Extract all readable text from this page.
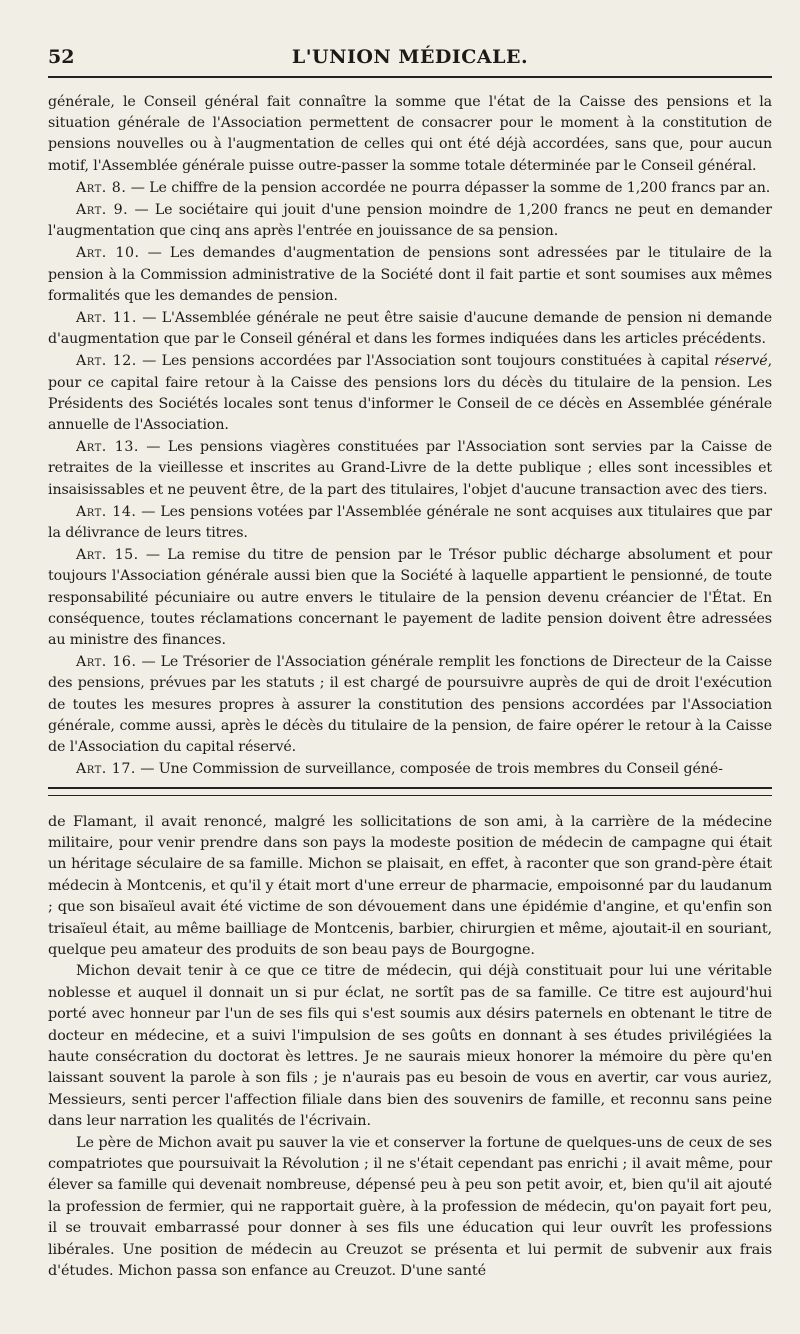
52	L'UNION MÉDICALE.

générale, le Conseil général fait connaître la somme que l'état de la Caisse des pensions et la situation générale de l'Association permettent de consacrer pour le moment à la constitution de pensions nouvelles ou à l'augmentation de celles qui ont été déjà accordées, sans que, pour aucun motif, l'Assemblée générale puisse outre-passer la somme totale déterminée par le Conseil général.

Art. 8. — Le chiffre de la pension accordée ne pourra dépasser la somme de 1,200 francs par an.

Art. 9. — Le sociétaire qui jouit d'une pension moindre de 1,200 francs ne peut en demander l'augmentation que cinq ans après l'entrée en jouissance de sa pension.

Art. 10. — Les demandes d'augmentation de pensions sont adressées par le titulaire de la pension à la Commission administrative de la Société dont il fait partie et sont soumises aux mêmes formalités que les demandes de pension.

Art. 11. — L'Assemblée générale ne peut être saisie d'aucune demande de pension ni demande d'augmentation que par le Conseil général et dans les formes indiquées dans les articles précédents.

Art. 12. — Les pensions accordées par l'Association sont toujours constituées à capital réservé, pour ce capital faire retour à la Caisse des pensions lors du décès du titulaire de la pension. Les Présidents des Sociétés locales sont tenus d'informer le Conseil de ce décès en Assemblée générale annuelle de l'Association.

Art. 13. — Les pensions viagères constituées par l'Association sont servies par la Caisse de retraites de la vieillesse et inscrites au Grand-Livre de la dette publique ; elles sont incessibles et insaisissables et ne peuvent être, de la part des titulaires, l'objet d'aucune transaction avec des tiers.

Art. 14. — Les pensions votées par l'Assemblée générale ne sont acquises aux titulaires que par la délivrance de leurs titres.

Art. 15. — La remise du titre de pension par le Trésor public décharge absolument et pour toujours l'Association générale aussi bien que la Société à laquelle appartient le pensionné, de toute responsabilité pécuniaire ou autre envers le titulaire de la pension devenu créancier de l'État. En conséquence, toutes réclamations concernant le payement de ladite pension doivent être adressées au ministre des finances.

Art. 16. — Le Trésorier de l'Association générale remplit les fonctions de Directeur de la Caisse des pensions, prévues par les statuts ; il est chargé de poursuivre auprès de qui de droit l'exécution de toutes les mesures propres à assurer la constitution des pensions accordées par l'Association générale, comme aussi, après le décès du titulaire de la pension, de faire opérer le retour à la Caisse de l'Association du capital réservé.

Art. 17. — Une Commission de surveillance, composée de trois membres du Conseil géné-

de Flamant, il avait renoncé, malgré les sollicitations de son ami, à la carrière de la médecine militaire, pour venir prendre dans son pays la modeste position de médecin de campagne qui était un héritage séculaire de sa famille. Michon se plaisait, en effet, à raconter que son grand-père était médecin à Montcenis, et qu'il y était mort d'une erreur de pharmacie, empoisonné par du laudanum ; que son bisaïeul avait été victime de son dévouement dans une épidémie d'angine, et qu'enfin son trisaïeul était, au même bailliage de Montcenis, barbier, chirurgien et même, ajoutait-il en souriant, quelque peu amateur des produits de son beau pays de Bourgogne.

Michon devait tenir à ce que ce titre de médecin, qui déjà constituait pour lui une véritable noblesse et auquel il donnait un si pur éclat, ne sortît pas de sa famille. Ce titre est aujourd'hui porté avec honneur par l'un de ses fils qui s'est soumis aux désirs paternels en obtenant le titre de docteur en médecine, et a suivi l'impulsion de ses goûts en donnant à ses études privilégiées la haute consécration du doctorat ès lettres. Je ne saurais mieux honorer la mémoire du père qu'en laissant souvent la parole à son fils ; je n'aurais pas eu besoin de vous en avertir, car vous auriez, Messieurs, senti percer l'affection filiale dans bien des souvenirs de famille, et reconnu sans peine dans leur narration les qualités de l'écrivain.

Le père de Michon avait pu sauver la vie et conserver la fortune de quelques-uns de ceux de ses compatriotes que poursuivait la Révolution ; il ne s'était cependant pas enrichi ; il avait même, pour élever sa famille qui devenait nombreuse, dépensé peu à peu son petit avoir, et, bien qu'il ait ajouté la profession de fermier, qui ne rapportait guère, à la profession de médecin, qu'on payait fort peu, il se trouvait embarrassé pour donner à ses fils une éducation qui leur ouvrît les professions libérales. Une position de médecin au Creuzot se présenta et lui permit de subvenir aux frais d'études. Michon passa son enfance au Creuzot. D'une santé
